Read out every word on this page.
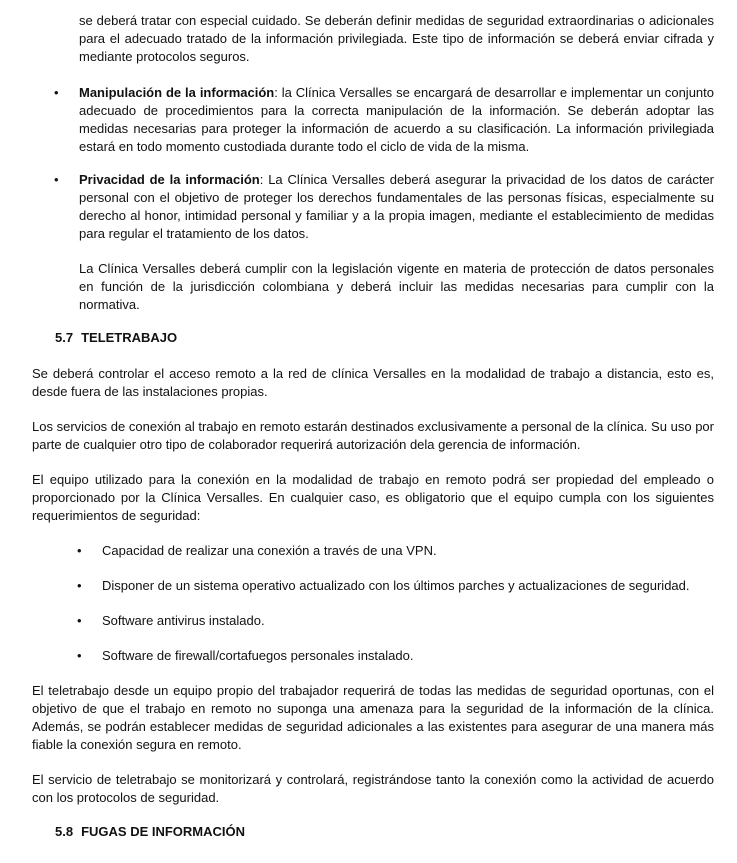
se deberá tratar con especial cuidado. Se deberán definir medidas de seguridad extraordinarias o adicionales para el adecuado tratado de la información privilegiada. Este tipo de información se deberá enviar cifrada y mediante protocolos seguros.

• Manipulación de la información: la Clínica Versalles se encargará de desarrollar e implementar un conjunto adecuado de procedimientos para la correcta manipulación de la información. Se deberán adoptar las medidas necesarias para proteger la información de acuerdo a su clasificación. La información privilegiada estará en todo momento custodiada durante todo el ciclo de vida de la misma.

• Privacidad de la información: La Clínica Versalles deberá asegurar la privacidad de los datos de carácter personal con el objetivo de proteger los derechos fundamentales de las personas físicas, especialmente su derecho al honor, intimidad personal y familiar y a la propia imagen, mediante el establecimiento de medidas para regular el tratamiento de los datos.

La Clínica Versalles deberá cumplir con la legislación vigente en materia de protección de datos personales en función de la jurisdicción colombiana y deberá incluir las medidas necesarias para cumplir con la normativa.

5.7 TELETRABAJO

Se deberá controlar el acceso remoto a la red de clínica Versalles en la modalidad de trabajo a distancia, esto es, desde fuera de las instalaciones propias.

Los servicios de conexión al trabajo en remoto estarán destinados exclusivamente a personal de la clínica. Su uso por parte de cualquier otro tipo de colaborador requerirá autorización dela gerencia de información.

El equipo utilizado para la conexión en la modalidad de trabajo en remoto podrá ser propiedad del empleado o proporcionado por la Clínica Versalles. En cualquier caso, es obligatorio que el equipo cumpla con los siguientes requerimientos de seguridad:

• Capacidad de realizar una conexión a través de una VPN.
• Disponer de un sistema operativo actualizado con los últimos parches y actualizaciones de seguridad.
• Software antivirus instalado.
• Software de firewall/cortafuegos personales instalado.

El teletrabajo desde un equipo propio del trabajador requerirá de todas las medidas de seguridad oportunas, con el objetivo de que el trabajo en remoto no suponga una amenaza para la seguridad de la información de la clínica. Además, se podrán establecer medidas de seguridad adicionales a las existentes para asegurar de una manera más fiable la conexión segura en remoto.

El servicio de teletrabajo se monitorizará y controlará, registrándose tanto la conexión como la actividad de acuerdo con los protocolos de seguridad.

5.8 FUGAS DE INFORMACIÓN
